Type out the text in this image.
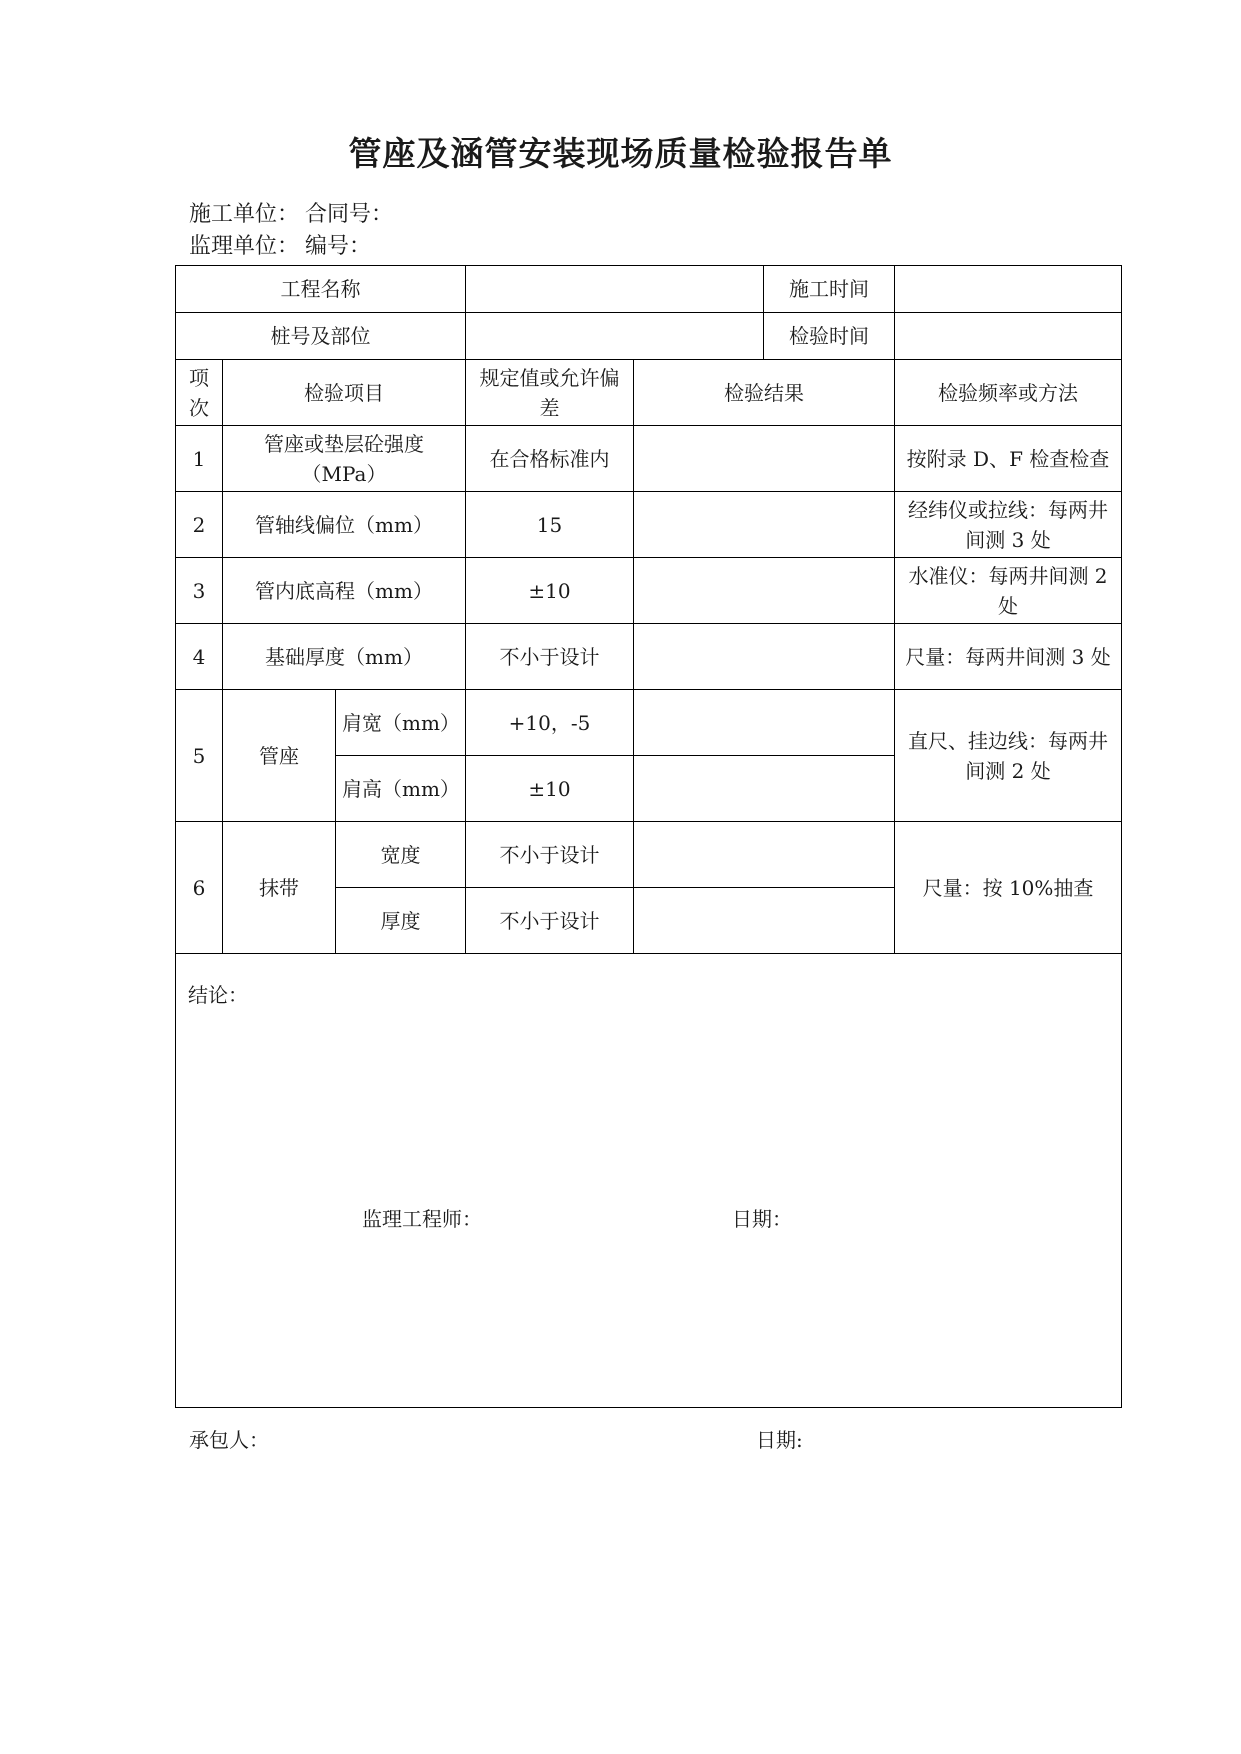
管座及涵管安装现场质量检验报告单
施工单位： 合同号：
监理单位： 编号：
工程名称					施工时间	
桩号及部位					检验时间	
项次	检验项目		规定值或允许偏差	检验结果		检验频率或方法
1	管座或垫层砼强度（MPa）		在合格标准内			按附录 D、F 检查检查
2	管轴线偏位（mm）		15			经纬仪或拉线：每两井间测 3 处
3	管内底高程（mm）		±10			水准仪：每两井间测 2 处
4	基础厚度（mm）		不小于设计			尺量：每两井间测 3 处
5	管座	肩宽（mm）	+10，-5			直尺、挂边线：每两井间测 2 处
		肩高（mm）	±10			
6	抹带	宽度	不小于设计			尺量：按 10%抽查
		厚度	不小于设计			

结论：
监理工程师： 日期：						
承包人：	日期:
